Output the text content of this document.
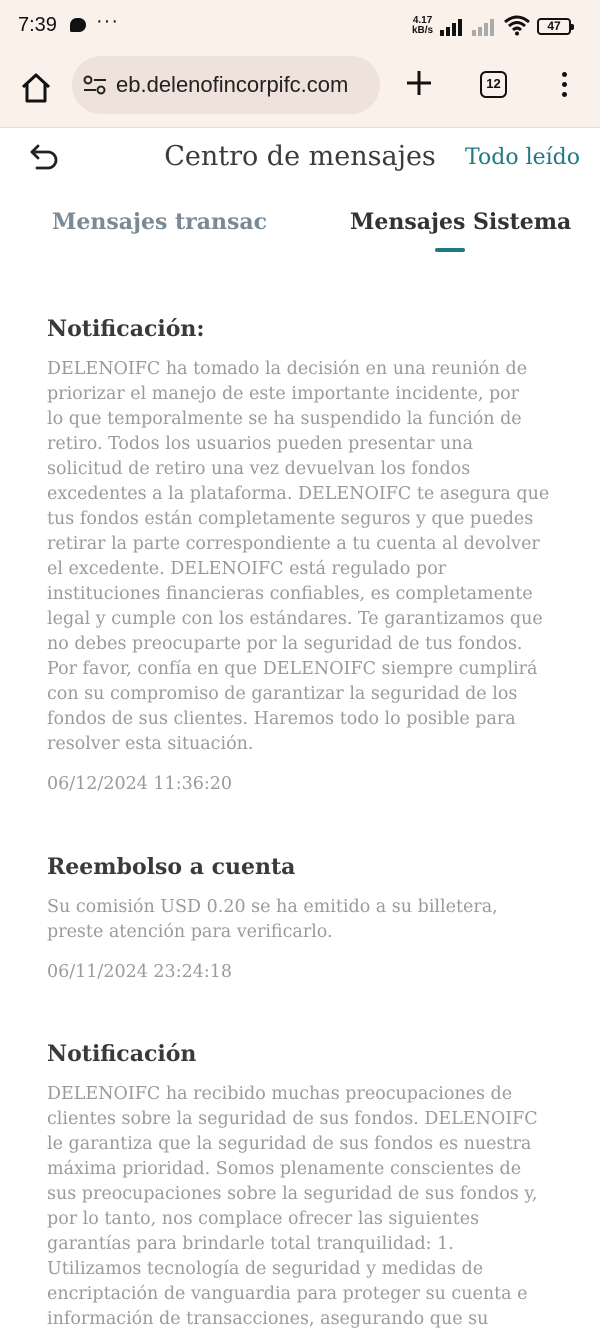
7:39 ···	4.17
kB/s	47
eb.delenofincorpifc.com	12
Centro de mensajes	Todo leído
Mensajes transac	Mensajes Sistema
Notificación:
DELENOIFC ha tomado la decisión en una reunión de
priorizar el manejo de este importante incidente, por
lo que temporalmente se ha suspendido la función de
retiro. Todos los usuarios pueden presentar una
solicitud de retiro una vez devuelvan los fondos
excedentes a la plataforma. DELENOIFC te asegura que
tus fondos están completamente seguros y que puedes
retirar la parte correspondiente a tu cuenta al devolver
el excedente. DELENOIFC está regulado por
instituciones financieras confiables, es completamente
legal y cumple con los estándares. Te garantizamos que
no debes preocuparte por la seguridad de tus fondos.
Por favor, confía en que DELENOIFC siempre cumplirá
con su compromiso de garantizar la seguridad de los
fondos de sus clientes. Haremos todo lo posible para
resolver esta situación.
06/12/2024 11:36:20
Reembolso a cuenta
Su comisión USD 0.20 se ha emitido a su billetera,
preste atención para verificarlo.
06/11/2024 23:24:18
Notificación
DELENOIFC ha recibido muchas preocupaciones de
clientes sobre la seguridad de sus fondos. DELENOIFC
le garantiza que la seguridad de sus fondos es nuestra
máxima prioridad. Somos plenamente conscientes de
sus preocupaciones sobre la seguridad de sus fondos y,
por lo tanto, nos complace ofrecer las siguientes
garantías para brindarle total tranquilidad: 1.
Utilizamos tecnología de seguridad y medidas de
encriptación de vanguardia para proteger su cuenta e
información de transacciones, asegurando que su
